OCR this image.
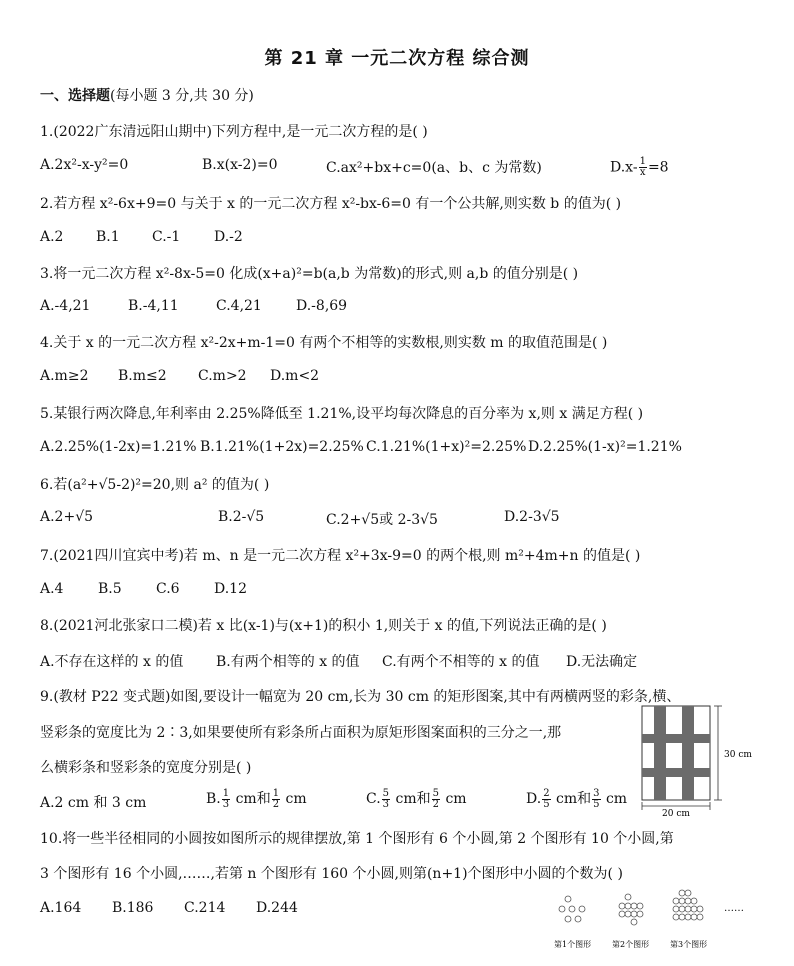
第 21 章 一元二次方程 综合测
一、选择题(每小题 3 分,共 30 分)
1.(2022广东清远阳山期中)下列方程中,是一元二次方程的是( )
A.2x²-x-y²=0	B.x(x-2)=0	C.ax²+bx+c=0(a、b、c 为常数)	$D.x- \frac{1}{x} =8$
2.若方程 x²-6x+9=0 与关于 x 的一元二次方程 x²-bx-6=0 有一个公共解,则实数 b 的值为( )
A.2 B.1 C.-1 D.-2
3.将一元二次方程 x²-8x-5=0 化成(x+a)²=b(a,b 为常数)的形式,则 a,b 的值分别是( )
A.-4,21	B.-4,11	C.4,21 D.-8,69
4.关于 x 的一元二次方程 x²-2x+m-1=0 有两个不相等的实数根,则实数 m 的取值范围是( )
A.m≥2 B.m≤2 C.m>2 D.m<2
5.某银行两次降息,年利率由 2.25%降低至 1.21%,设平均每次降息的百分率为 x,则 x 满足方程( )
A.2.25%(1-2x)=1.21% B.1.21%(1+2x)=2.25% C.1.21%(1+x)²=2.25% D.2.25%(1-x)²=1.21%
6.若(a²+√5-2)²=20,则 a² 的值为( )
A.2+√5	B.2-√5	C.2+√5或 2-3√5	D.2-3√5
7.(2021四川宜宾中考)若 m、n 是一元二次方程 x²+3x-9=0 的两个根,则 m²+4m+n 的值是( )
A.4 B.5 C.6 D.12
8.(2021河北张家口二模)若 x 比(x-1)与(x+1)的积小 1,则关于 x 的值,下列说法正确的是( )
A.不存在这样的 x 的值 B.有两个相等的 x 的值 C.有两个不相等的 x 的值 D.无法确定
9.(教材 P22 变式题)如图,要设计一幅宽为 20 cm,长为 30 cm 的矩形图案,其中有两横两竖的彩条,横、
竖彩条的宽度比为 2∶3,如果要使所有彩条所占面积为原矩形图案面积的三分之一,那
么横彩条和竖彩条的宽度分别是( )
A.2 cm 和 3 cm	B. $\frac{1}{3}$ cm和 $\frac{1}{2}$ cm	C. $\frac{5}{3}$ cm和 $\frac{5}{2}$ cm	D. $\frac{2}{5}$ cm和 $\frac{3}{5}$ cm
30 cm
20 cm
10.将一些半径相同的小圆按如图所示的规律摆放,第 1 个图形有 6 个小圆,第 2 个图形有 10 个小圆,第
3 个图形有 16 个小圆,……,若第 n 个图形有 160 个小圆,则第(n+1)个图形中小圆的个数为( )
A.164 B.186 C.214 D.244	……
第1个图形	第2个图形	第3个图形
